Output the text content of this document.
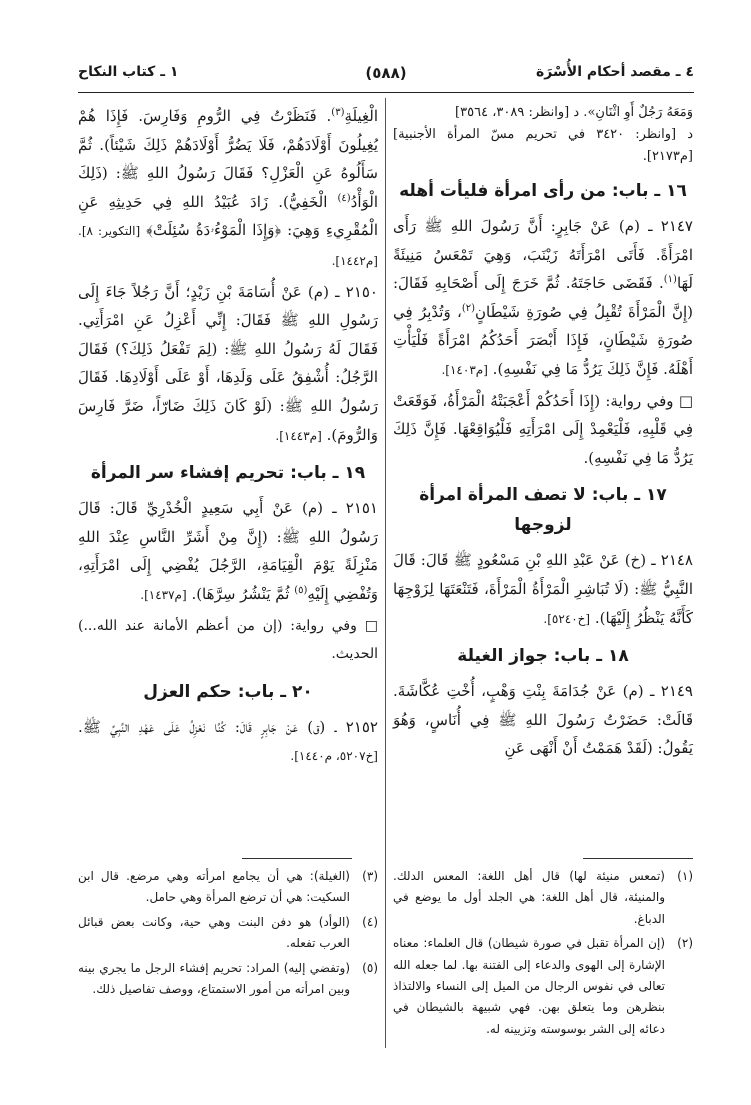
٤ ـ مقصد أحكام الأُسْرَة
(٥٨٨)
١ ـ كتاب النكاح

وَمَعَهُ رَجُلٌ أَوِ اثْنَانِ». د [وانظر: ٣٠٨٩، ٣٥٦٤]

د [وانظر: ٣٤٢٠ في تحريم مسّ المرأة الأجنبية][م٢١٧٣].

١٦ ـ باب: من رأى امرأة فليأت أهله

٢١٤٧ ـ (م) عَنْ جَابِرٍ: أَنَّ رَسُولَ اللهِ ﷺ رَأَى امْرَأَةً. فَأَتَى امْرَأَتَهُ زَيْنَبَ، وَهِيَ تَمْعَسُ مَنِيئَةً لَهَا$^{(١)}$. فَقَضَى حَاجَتَهُ. ثُمَّ خَرَجَ إِلَى أَصْحَابِهِ فَقَالَ: (إِنَّ الْمَرْأَةَ تُقْبِلُ فِي صُورَةِ شَيْطَانٍ$^{(٢)}$، وَتُدْبِرُ فِي صُورَةِ شَيْطَانٍ، فَإِذَا أَبْصَرَ أَحَدُكُمُ امْرَأَةً فَلْيَأْتِ أَهْلَهُ. فَإِنَّ ذَلِكَ يَرُدُّ مَا فِي نَفْسِهِ). [م١٤٠٣].

□ وفي رواية: (إِذَا أَحَدُكُمْ أَعْجَبَتْهُ الْمَرْأَةُ، فَوَقَعَتْ فِي قَلْبِهِ، فَلْيَعْمِدْ إِلَى امْرَأَتِهِ فَلْيُوَاقِعْهَا. فَإِنَّ ذَلِكَ يَرُدُّ مَا فِي نَفْسِهِ).

١٧ ـ باب: لا تصف المرأة امرأة لزوجها

٢١٤٨ ـ (خ) عَنْ عَبْدِ اللهِ بْنِ مَسْعُودٍ ﷺ قَالَ: قَالَ النَّبِيُّ ﷺ: (لَا تُبَاشِرِ الْمَرْأَةُ الْمَرْأَةَ، فَتَنْعَتَهَا لِزَوْجِهَا كَأَنَّهُ يَنْظُرُ إِلَيْهَا). [خ٥٢٤٠].

١٨ ـ باب: جواز الغيلة

٢١٤٩ ـ (م) عَنْ جُدَامَةَ بِنْتِ وَهْبٍ، أُخْتِ عُكَّاشَةَ. قَالَتْ: حَضَرْتُ رَسُولَ اللهِ ﷺ فِي أُنَاسٍ، وَهُوَ يَقُولُ: (لَقَدْ هَمَمْتُ أَنْ أَنْهَى عَنِ

الْغِيلَةِ$^{(٣)}$. فَنَظَرْتُ فِي الرُّومِ وَفَارِسَ. فَإِذَا هُمْ يُغِيلُونَ أَوْلَادَهُمْ، فَلَا يَضُرُّ أَوْلَادَهُمْ ذَلِكَ شَيْئاً). ثُمَّ سَأَلُوهُ عَنِ الْعَزْلِ؟ فَقَالَ رَسُولُ اللهِ ﷺ: (ذَلِكَ الْوَأْدُ$^{(٤)}$ الْخَفِيُّ). زَادَ عُبَيْدُ اللهِ فِي حَدِيثِهِ عَنِ الْمُقْرِيءِ وَهِيَ: ﴿وَإِذَا الْمَوْءُۥدَةُ سُئِلَتْ﴾ [التكوير: ٨]. [م١٤٤٢].

٢١٥٠ ـ (م) عَنْ أُسَامَةَ بْنِ زَيْدٍ؛ أَنَّ رَجُلاً جَاءَ إِلَى رَسُولِ اللهِ ﷺ فَقَالَ: إِنِّي أَعْزِلُ عَنِ امْرَأَتِي. فَقَالَ لَهُ رَسُولُ اللهِ ﷺ: (لِمَ تَفْعَلُ ذَلِكَ؟) فَقَالَ الرَّجُلُ: أُشْفِقُ عَلَى وَلَدِهَا، أَوْ عَلَى أَوْلَادِهَا. فَقَالَ رَسُولُ اللهِ ﷺ: (لَوْ كَانَ ذَلِكَ ضَارّاً، ضَرَّ فَارِسَ وَالرُّومَ). [م١٤٤٣].

١٩ ـ باب: تحريم إفشاء سر المرأة

٢١٥١ ـ (م) عَنْ أَبِي سَعِيدٍ الْخُدْرِيِّ قَالَ: قَالَ رَسُولُ اللهِ ﷺ: (إِنَّ مِنْ أَشَرِّ النَّاسِ عِنْدَ اللهِ مَنْزِلَةً يَوْمَ الْقِيَامَةِ، الرَّجُلَ يُفْضِي إِلَى امْرَأَتِهِ، وَتُفْضِي إِلَيْهِ$^{(٥)}$ ثُمَّ يَنْشُرُ سِرَّهَا). [م١٤٣٧].

□ وفي رواية: (إن من أعظم الأمانة عند الله...) الحديث.

٢٠ ـ باب: حكم العزل

٢١٥٢ ـ (ق) عَنْ جَابِرٍ قَالَ: كُنَّا نَعْزِلُ عَلَى عَهْدِ النَّبِيِّ ﷺ. [خ٥٢٠٧، م١٤٤٠].

(١)
(تمعس منيئة لها) قال أهل اللغة: المعس الدلك. والمنيئة، قال أهل اللغة: هي الجلد أول ما يوضع في الدباغ.

(٢)
(إن المرأة تقبل في صورة شيطان) قال العلماء: معناه الإشارة إلى الهوى والدعاء إلى الفتنة بها. لما جعله الله تعالى في نفوس الرجال من الميل إلى النساء والالتذاذ بنظرهن وما يتعلق بهن. فهي شبيهة بالشيطان في دعائه إلى الشر بوسوسته وتزيينه له.

(٣)
(الغيلة): هي أن يجامع امرأته وهي مرضع. قال ابن السكيت: هي أن ترضع المرأة وهي حامل.

(٤)
(الوأد) هو دفن البنت وهي حية، وكانت بعض قبائل العرب تفعله.

(٥)
(وتفضي إليه) المراد: تحريم إفشاء الرجل ما يجري بينه وبين امرأته من أمور الاستمتاع، ووصف تفاصيل ذلك.
